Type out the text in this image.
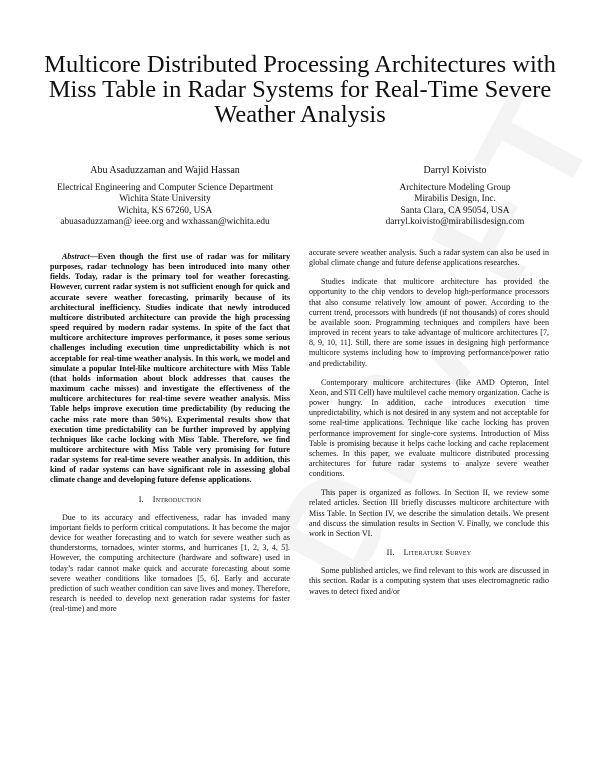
Multicore Distributed Processing Architectures with Miss Table in Radar Systems for Real-Time Severe Weather Analysis
Abu Asaduzzaman and Wajid Hassan
Electrical Engineering and Computer Science Department
Wichita State University
Wichita, KS 67260, USA
abuasaduzzaman@ ieee.org and wxhassan@wichita.edu
Darryl Koivisto
Architecture Modeling Group
Mirabilis Design, Inc.
Santa Clara, CA 95054, USA
darryl.koivisto@mirabilisdesign.com

Abstract—Even though the first use of radar was for military purposes, radar technology has been introduced into many other fields. Today, radar is the primary tool for weather forecasting. However, current radar system is not sufficient enough for quick and accurate severe weather forecasting, primarily because of its architectural inefficiency. Studies indicate that newly introduced multicore distributed architecture can provide the high processing speed required by modern radar systems. In spite of the fact that multicore architecture improves performance, it poses some serious challenges including execution time unpredictability which is not acceptable for real-time weather analysis. In this work, we model and simulate a popular Intel-like multicore architecture with Miss Table (that holds information about block addresses that causes the maximum cache misses) and investigate the effectiveness of the multicore architectures for real-time severe weather analysis. Miss Table helps improve execution time predictability (by reducing the cache miss rate more than 50%). Experimental results show that execution time predictability can be further improved by applying techniques like cache locking with Miss Table. Therefore, we find multicore architecture with Miss Table very promising for future radar systems for real-time severe weather analysis. In addition, this kind of radar systems can have significant role in assessing global climate change and developing future defense applications.

I. Introduction

Due to its accuracy and effectiveness, radar has invaded many important fields to perform critical computations. It has become the major device for weather forecasting and to watch for severe weather such as thunderstorms, tornadoes, winter storms, and hurricanes [1, 2, 3, 4, 5]. However, the computing architecture (hardware and software) used in today’s radar cannot make quick and accurate forecasting about some severe weather conditions like tornadoes [5, 6]. Early and accurate prediction of such weather condition can save lives and money. Therefore, research is needed to develop next generation radar systems for faster (real-time) and more

accurate severe weather analysis. Such a radar system can also be used in global climate change and future defense applications researches.

Studies indicate that multicore architecture has provided the opportunity to the chip vendors to develop high-performance processors that also consume relatively low amount of power. According to the current trend, processors with hundreds (if not thousands) of cores should be available soon. Programming techniques and compilers have been improved in recent years to take advantage of multicore architectures [7, 8, 9, 10, 11]. Still, there are some issues in designing high performance multicore systems including how to improving performance/power ratio and predictability.

Contemporary multicore architectures (like AMD Opteron, Intel Xeon, and STI Cell) have multilevel cache memory organization. Cache is power hungry. In addition, cache introduces execution time unpredictability, which is not desired in any system and not acceptable for some real-time applications. Technique like cache locking has proven performance improvement for single-core systems. Introduction of Miss Table is promising because it helps cache locking and cache replacement schemes. In this paper, we evaluate multicore distributed processing architectures for future radar systems to analyze severe weather conditions.

This paper is organized as follows. In Section II, we review some related articles. Section III briefly discusses multicore architecture with Miss Table. In Section IV, we describe the simulation details. We present and discuss the simulation results in Section V. Finally, we conclude this work in Section VI.

II. Literature Survey

Some published articles, we find relevant to this work are discussed in this section. Radar is a computing system that uses electromagnetic radio waves to detect fixed and/or
